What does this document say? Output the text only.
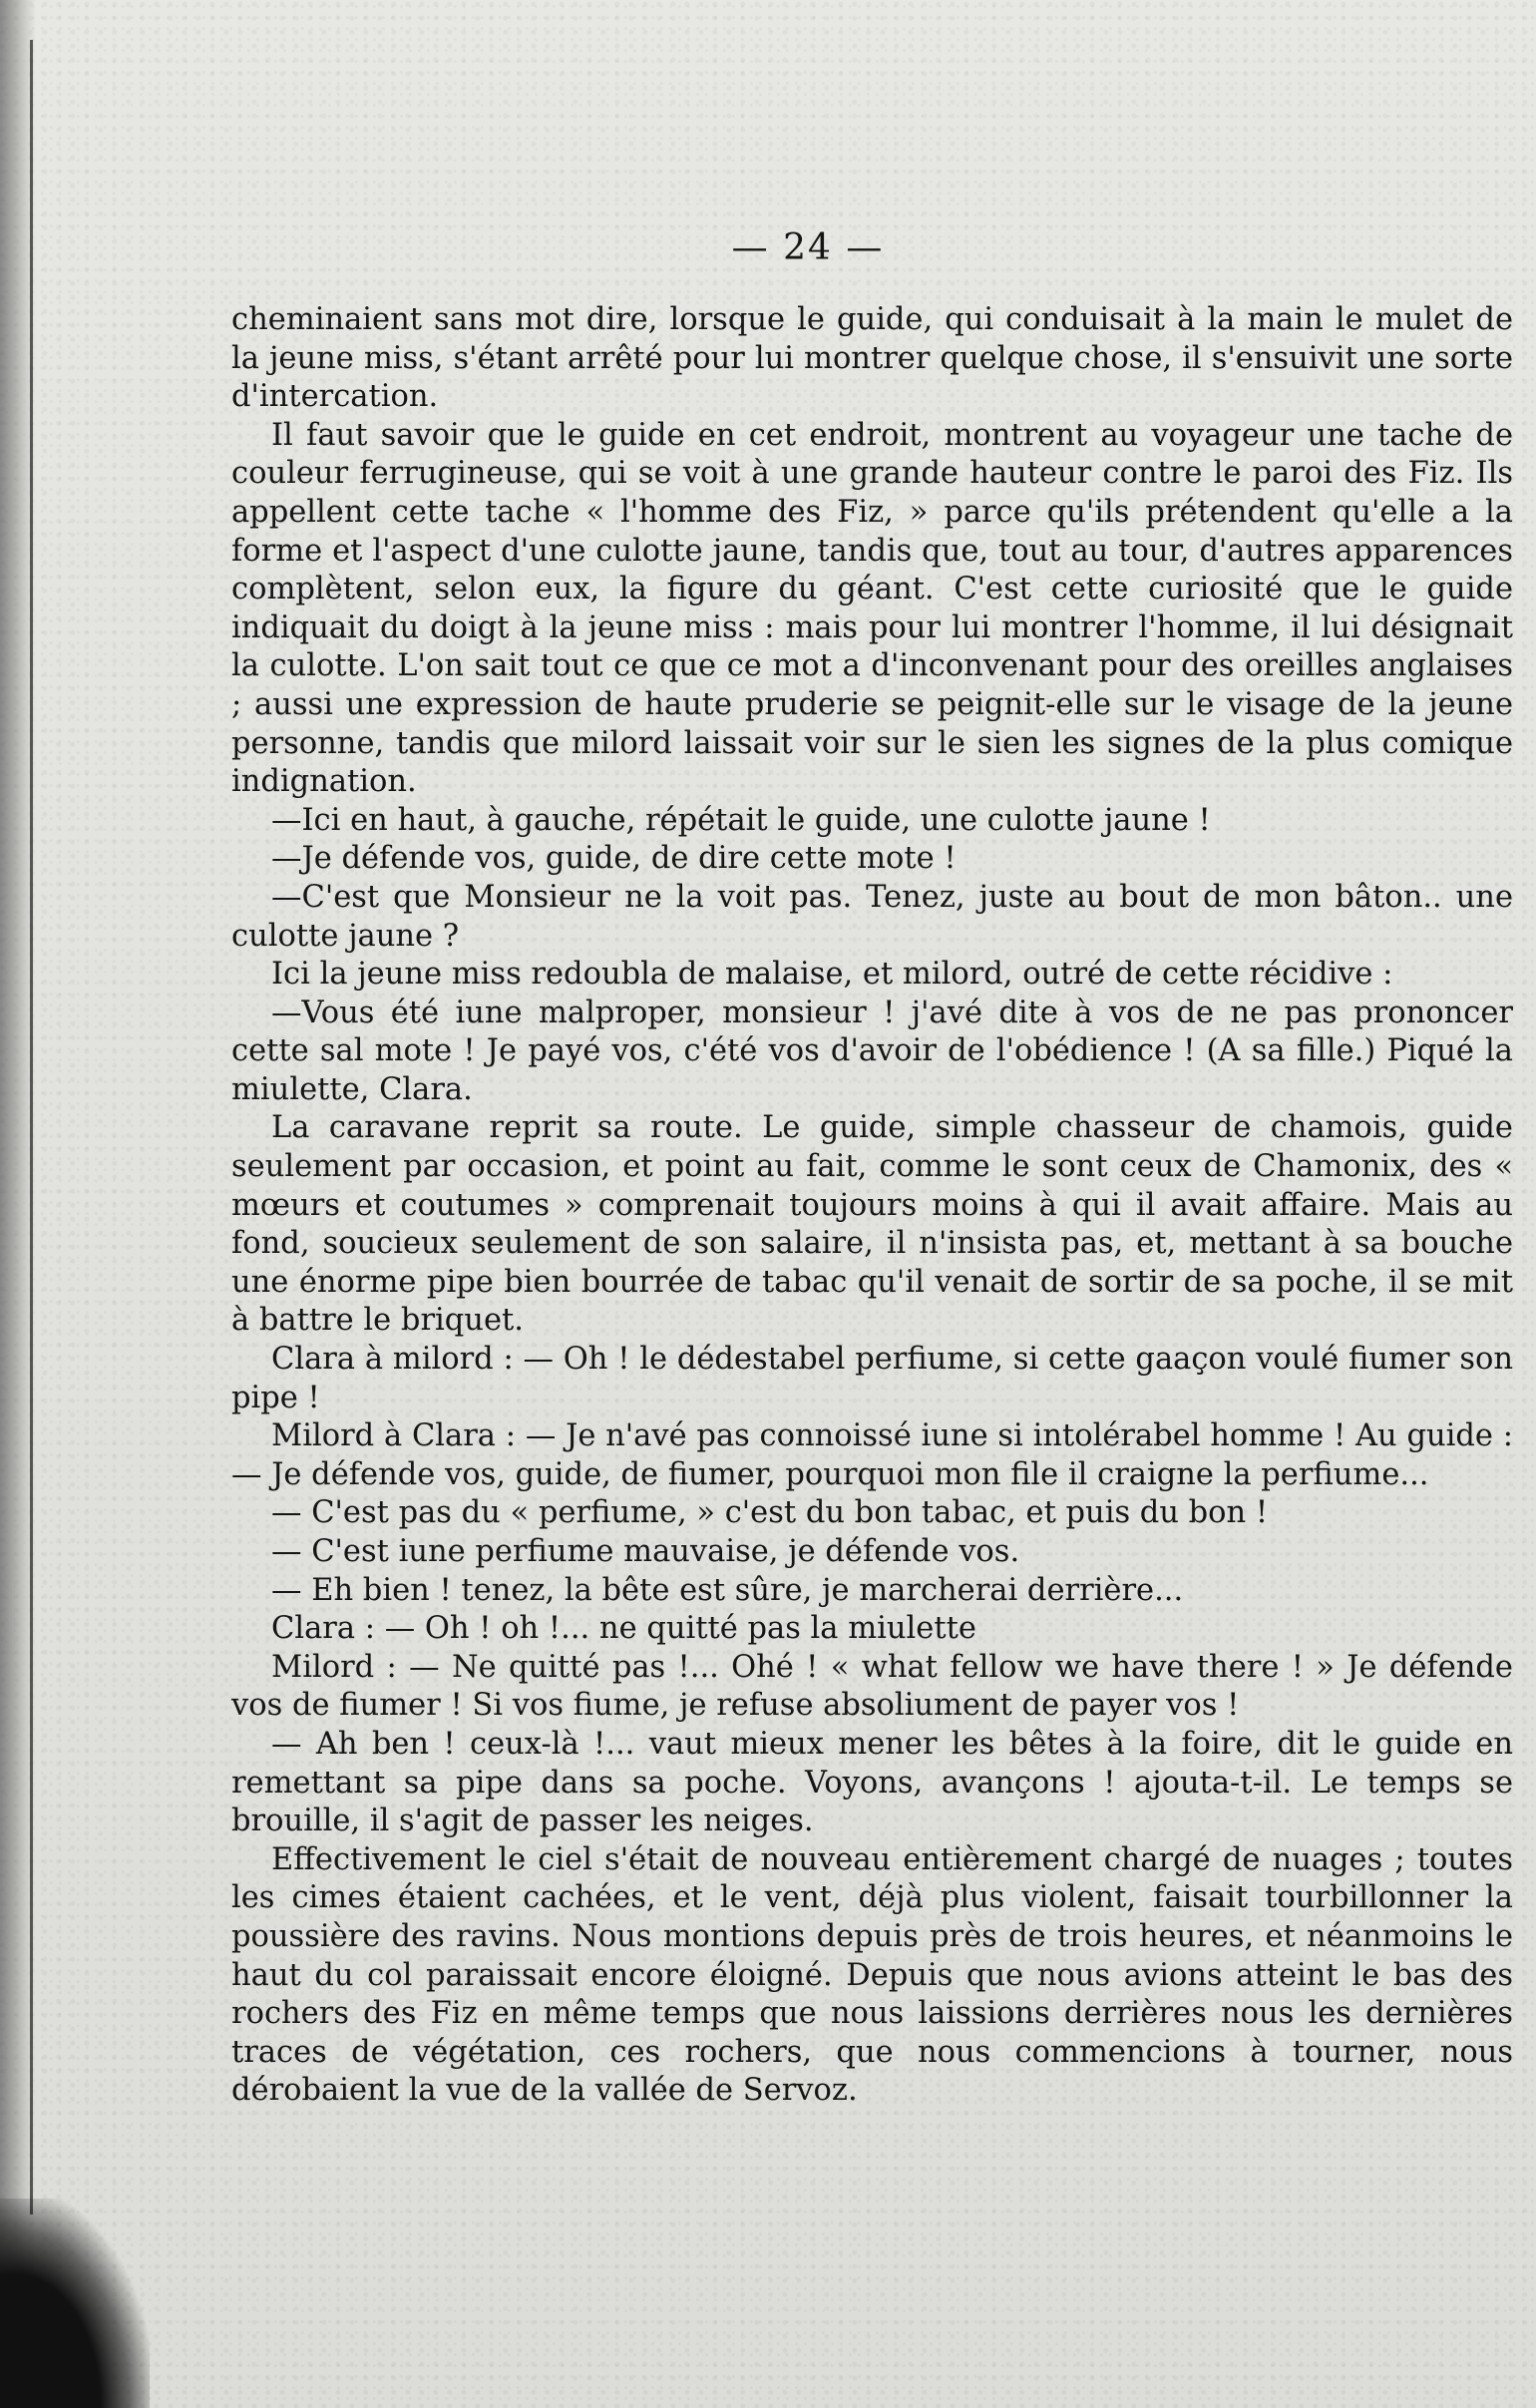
— 24 —

cheminaient sans mot dire, lorsque le guide, qui conduisait à la main le mulet de la jeune miss, s'étant arrêté pour lui montrer quelque chose, il s'ensuivit une sorte d'intercation.

Il faut savoir que le guide en cet endroit, montrent au voyageur une tache de couleur ferrugineuse, qui se voit à une grande hauteur contre le paroi des Fiz. Ils appellent cette tache « l'homme des Fiz, » parce qu'ils prétendent qu'elle a la forme et l'aspect d'une culotte jaune, tandis que, tout au tour, d'autres apparences complètent, selon eux, la figure du géant. C'est cette curiosité que le guide indiquait du doigt à la jeune miss : mais pour lui montrer l'homme, il lui désignait la culotte. L'on sait tout ce que ce mot a d'inconvenant pour des oreilles anglaises ; aussi une expression de haute pruderie se peignit-elle sur le visage de la jeune personne, tandis que milord laissait voir sur le sien les signes de la plus comique indignation.

—Ici en haut, à gauche, répétait le guide, une culotte jaune !

—Je défende vos, guide, de dire cette mote !

—C'est que Monsieur ne la voit pas. Tenez, juste au bout de mon bâton.. une culotte jaune ?

Ici la jeune miss redoubla de malaise, et milord, outré de cette récidive :

—Vous été iune malproper, monsieur ! j'avé dite à vos de ne pas prononcer cette sal mote ! Je payé vos, c'été vos d'avoir de l'obédience ! (A sa fille.) Piqué la miulette, Clara.

La caravane reprit sa route. Le guide, simple chasseur de chamois, guide seulement par occasion, et point au fait, comme le sont ceux de Chamonix, des « mœurs et coutumes » comprenait toujours moins à qui il avait affaire. Mais au fond, soucieux seulement de son salaire, il n'insista pas, et, mettant à sa bouche une énorme pipe bien bourrée de tabac qu'il venait de sortir de sa poche, il se mit à battre le briquet.

Clara à milord : — Oh ! le dédestabel perfiume, si cette gaaçon voulé fiumer son pipe !

Milord à Clara : — Je n'avé pas connoissé iune si intolérabel homme ! Au guide : — Je défende vos, guide, de fiumer, pourquoi mon file il craigne la perfiume...

— C'est pas du « perfiume, » c'est du bon tabac, et puis du bon !

— C'est iune perfiume mauvaise, je défende vos.

— Eh bien ! tenez, la bête est sûre, je marcherai derrière...

Clara : — Oh ! oh !... ne quitté pas la miulette

Milord : — Ne quitté pas !... Ohé ! « what fellow we have there ! » Je défende vos de fiumer ! Si vos fiume, je refuse absoliument de payer vos !

— Ah ben ! ceux-là !... vaut mieux mener les bêtes à la foire, dit le guide en remettant sa pipe dans sa poche. Voyons, avançons ! ajouta-t-il. Le temps se brouille, il s'agit de passer les neiges.

Effectivement le ciel s'était de nouveau entièrement chargé de nuages ; toutes les cimes étaient cachées, et le vent, déjà plus violent, faisait tourbillonner la poussière des ravins. Nous montions depuis près de trois heures, et néanmoins le haut du col paraissait encore éloigné. Depuis que nous avions atteint le bas des rochers des Fiz en même temps que nous laissions derrières nous les dernières traces de végétation, ces rochers, que nous commencions à tourner, nous dérobaient la vue de la vallée de Servoz.
